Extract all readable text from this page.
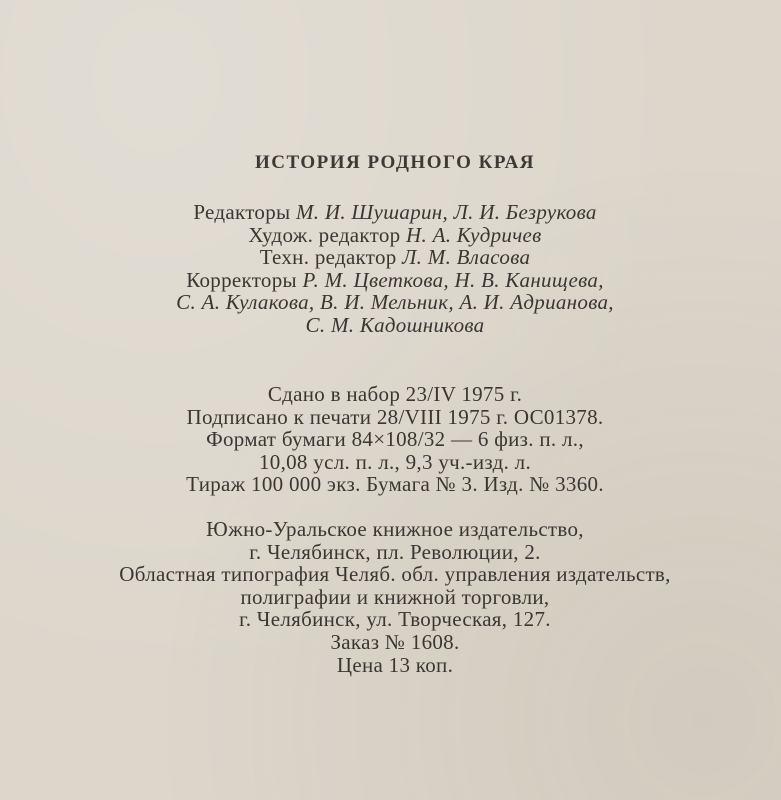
ИСТОРИЯ РОДНОГО КРАЯ
Редакторы М. И. Шушарин, Л. И. Безрукова
Худож. редактор Н. А. Кудричев
Техн. редактор Л. М. Власова
Корректоры Р. М. Цветкова, Н. В. Канищева,
С. А. Кулакова, В. И. Мельник, А. И. Адрианова,
С. М. Кадошникова
Сдано в набор 23/IV 1975 г.
Подписано к печати 28/VIII 1975 г. ОС01378.
Формат бумаги 84×108/32 — 6 физ. п. л.,
10,08 усл. п. л., 9,3 уч.-изд. л.
Тираж 100 000 экз. Бумага № 3. Изд. № 3360.
Южно-Уральское книжное издательство,
г. Челябинск, пл. Революции, 2.
Областная типография Челяб. обл. управления издательств,
полиграфии и книжной торговли,
г. Челябинск, ул. Творческая, 127.
Заказ № 1608.
Цена 13 коп.
